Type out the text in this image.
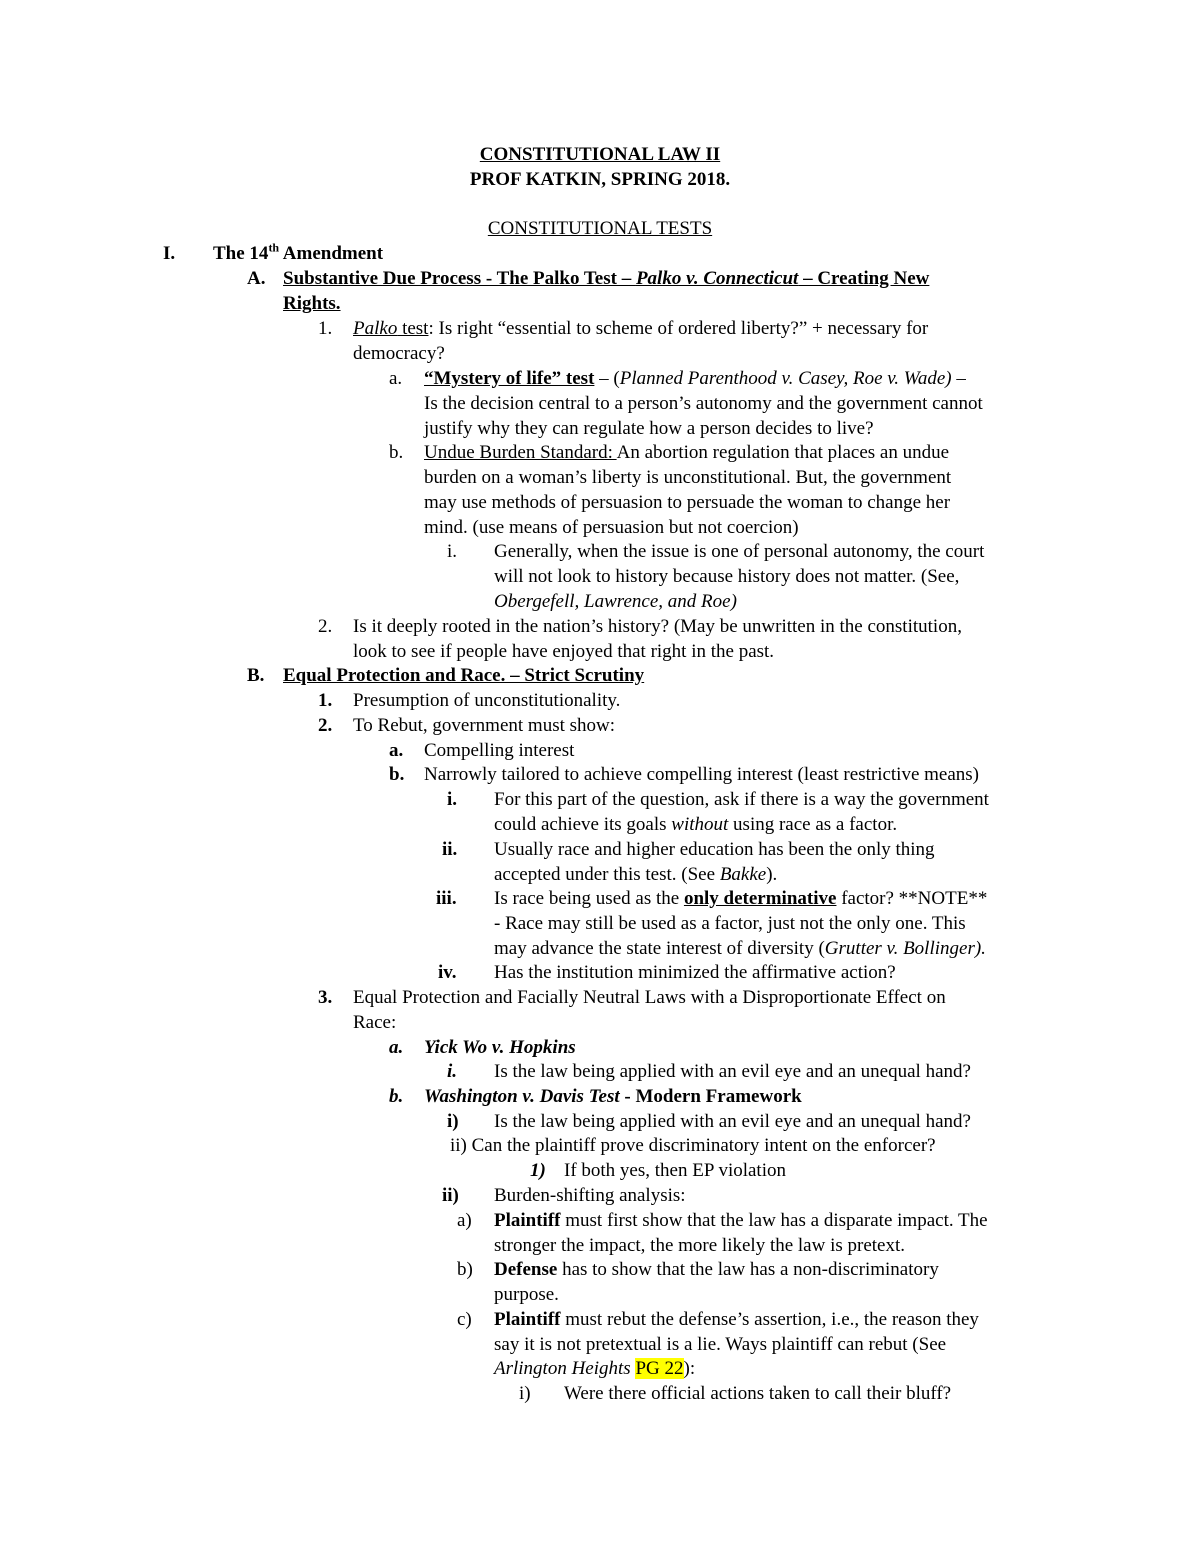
CONSTITUTIONAL LAW II
PROF KATKIN, SPRING 2018.
CONSTITUTIONAL TESTS
I. The 14th Amendment
A. Substantive Due Process - The Palko Test – Palko v. Connecticut – Creating New
Rights.
1. Palko test: Is right “essential to scheme of ordered liberty?” + necessary for
democracy?
a. “Mystery of life” test – (Planned Parenthood v. Casey, Roe v. Wade) –
Is the decision central to a person’s autonomy and the government cannot
justify why they can regulate how a person decides to live?
b. Undue Burden Standard: An abortion regulation that places an undue
burden on a woman’s liberty is unconstitutional. But, the government
may use methods of persuasion to persuade the woman to change her
mind. (use means of persuasion but not coercion)
i. Generally, when the issue is one of personal autonomy, the court
will not look to history because history does not matter. (See,
Obergefell, Lawrence, and Roe)
2. Is it deeply rooted in the nation’s history? (May be unwritten in the constitution,
look to see if people have enjoyed that right in the past.
B. Equal Protection and Race. – Strict Scrutiny
1. Presumption of unconstitutionality.
2. To Rebut, government must show:
a. Compelling interest
b. Narrowly tailored to achieve compelling interest (least restrictive means)
i. For this part of the question, ask if there is a way the government
could achieve its goals without using race as a factor.
ii. Usually race and higher education has been the only thing
accepted under this test. (See Bakke).
iii. Is race being used as the only determinative factor? **NOTE**
- Race may still be used as a factor, just not the only one. This
may advance the state interest of diversity (Grutter v. Bollinger).
iv. Has the institution minimized the affirmative action?
3. Equal Protection and Facially Neutral Laws with a Disproportionate Effect on
Race:
a. Yick Wo v. Hopkins
i. Is the law being applied with an evil eye and an unequal hand?
b. Washington v. Davis Test - Modern Framework
i) Is the law being applied with an evil eye and an unequal hand?
ii) Can the plaintiff prove discriminatory intent on the enforcer?
1) If both yes, then EP violation
ii) Burden-shifting analysis:
a) Plaintiff must first show that the law has a disparate impact. The
stronger the impact, the more likely the law is pretext.
b) Defense has to show that the law has a non-discriminatory
purpose.
c) Plaintiff must rebut the defense’s assertion, i.e., the reason they
say it is not pretextual is a lie. Ways plaintiff can rebut (See
Arlington Heights PG 22):
i) Were there official actions taken to call their bluff?
